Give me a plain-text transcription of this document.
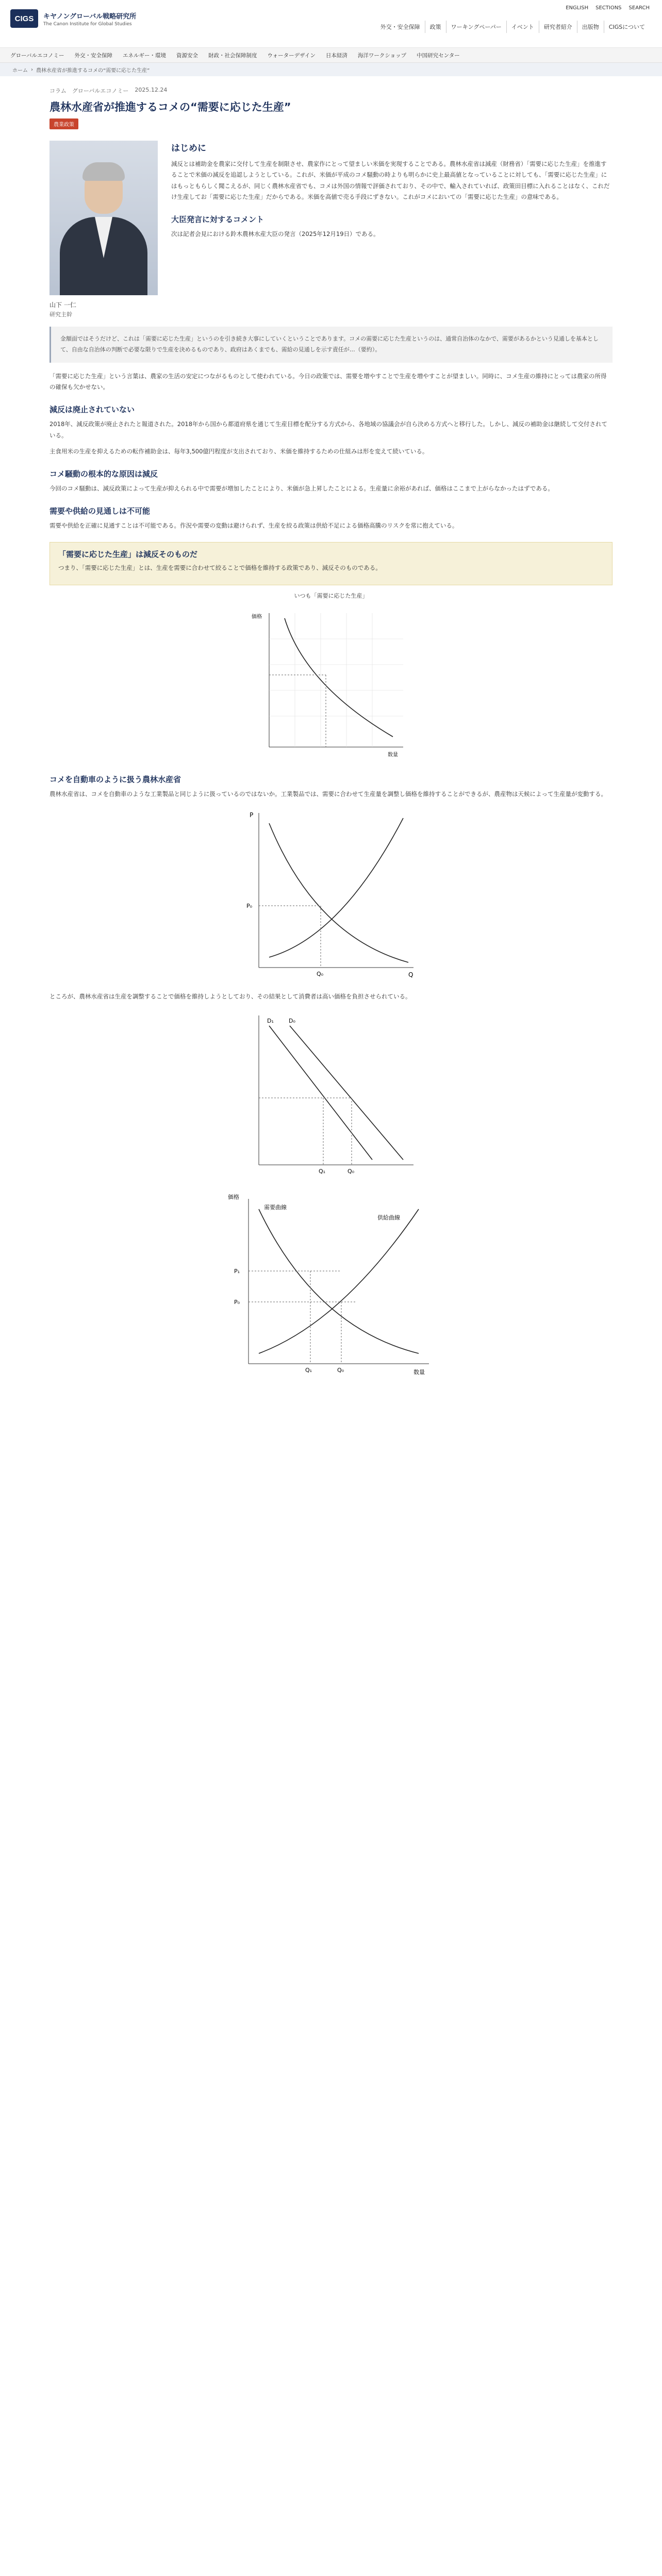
CIGS	キヤノングローバル戦略研究所
The Canon Institute for Global Studies
ENGLISH SECTIONS SEARCH
外交・安全保障	政策	ワーキングペーパー	イベント	研究者紹介	出版物	CIGSについて
グローバルエコノミー	外交・安全保障	エネルギー・環境	資源安全	財政・社会保障制度	ウォーターデザイン	日本経済	海洋ワークショップ	中国研究センター
ホーム › 農林水産省が推進するコメの“需要に応じた生産”
コラム　グローバルエコノミー 2025.12.24
農林水産省が推進するコメの“需要に応じた生産”
農業政策
山下 一仁
研究主幹
はじめに

減反とは補助金を農家に交付して生産を制限させ、農家作にとって望ましい米価を実現することである。農林水産省は減産（財務省）「需要に応じた生産」を推進することで米価の減反を追認しようとしている。これが、米価が平成のコメ騒動の時よりも明らかに史上最高値となっていることに対しても、「需要に応じた生産」にはもっともらしく聞こえるが、同じく農林水産省でも、コメは外国の情報で評価されており、その中で、輸入されていれば、政策田目標に入れることはなく、これだけ生産してお「需要に応じた生産」だからである。米価を高値で売る手段にずきない。これがコメにおいての「需要に応じた生産」の意味である。

大臣発言に対するコメント

次は記者会見における鈴木農林水産大臣の発言（2025年12月19日）である。

金額面ではそうだけど、これは「需要に応じた生産」というのを引き続き大事にしていくということであります。コメの需要に応じた生産というのは、通常自治体のなかで、需要があるかという見通しを基本として、自由な自治体の判断で必要な限りで生産を決めるものであり、政府はあくまでも、需給の見通しを示す責任が…（要約）。

「需要に応じた生産」という言葉は、農家の生活の安定につながるものとして使われている。今日の政策では、需要を増やすことで生産を増やすことが望ましい。同時に、コメ生産の維持にとっては農家の所得の確保も欠かせない。

減反は廃止されていない

2018年、減反政策が廃止されたと報道された。2018年から国から都道府県を通じて生産目標を配分する方式から、各地域の協議会が自ら決める方式へと移行した。しかし、減反の補助金は継続して交付されている。

主食用米の生産を抑えるための転作補助金は、毎年3,500億円程度が支出されており、米価を維持するための仕組みは形を変えて続いている。

コメ騒動の根本的な原因は減反

今回のコメ騒動は、減反政策によって生産が抑えられる中で需要が増加したことにより、米価が急上昇したことによる。生産量に余裕があれば、価格はここまで上がらなかったはずである。

需要や供給の見通しは不可能

需要や供給を正確に見通すことは不可能である。作況や需要の変動は避けられず、生産を絞る政策は供給不足による価格高騰のリスクを常に抱えている。

「需要に応じた生産」は減反そのものだ

つまり、「需要に応じた生産」とは、生産を需要に合わせて絞ることで価格を維持する政策であり、減反そのものである。

いつも「需要に応じた生産」
価格
数量
コメを自動車のように扱う農林水産省

農林水産省は、コメを自動車のような工業製品と同じように扱っているのではないか。工業製品では、需要に合わせて生産量を調整し価格を維持することができるが、農産物は天候によって生産量が変動する。

P
Q
P₀
Q₀

ところが、農林水産省は生産を調整することで価格を維持しようとしており、その結果として消費者は高い価格を負担させられている。

D₁	D₀
Q₁	Q₀
価格
数量
需要曲線
供給曲線
P₁
P₀
Q₁	Q₀
